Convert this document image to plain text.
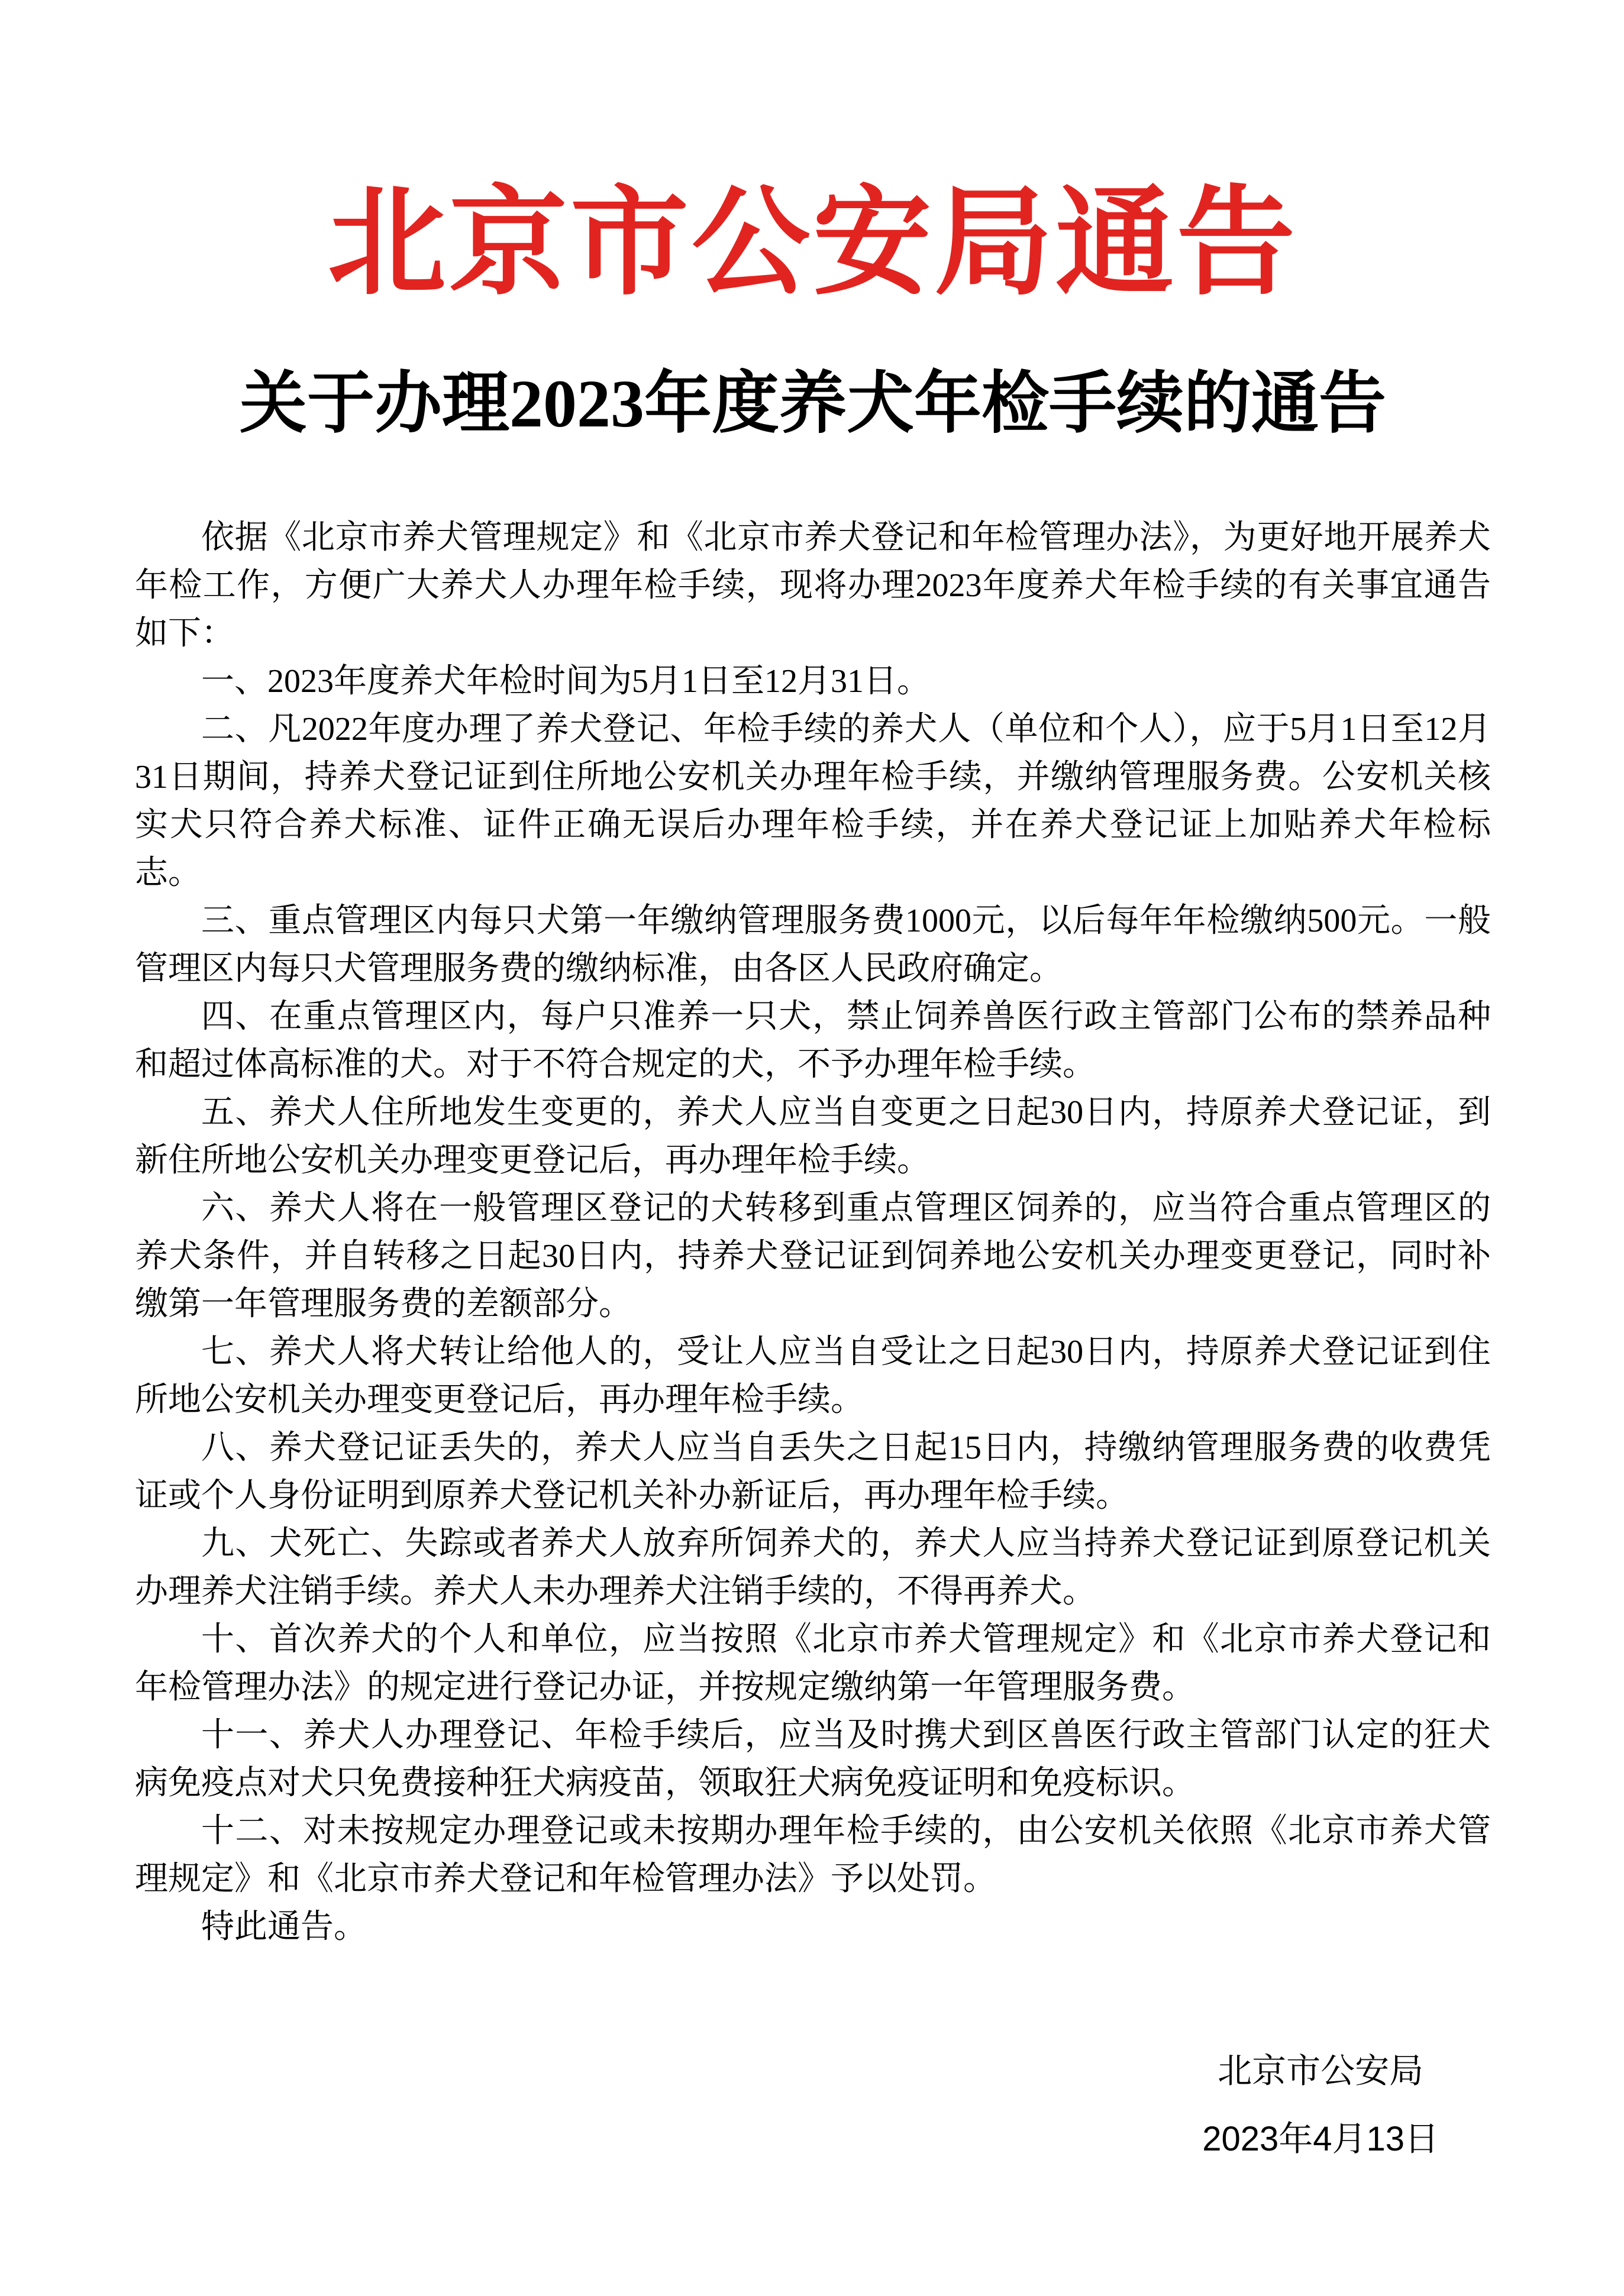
北京市公安局通告
关于办理2023年度养犬年检手续的通告

依据《北京市养犬管理规定》和《北京市养犬登记和年检管理办法》，为更好地开展养犬年检工作，方便广大养犬人办理年检手续，现将办理2023年度养犬年检手续的有关事宜通告如下：

一、2023年度养犬年检时间为5月1日至12月31日。

二、凡2022年度办理了养犬登记、年检手续的养犬人（单位和个人），应于5月1日至12月31日期间，持养犬登记证到住所地公安机关办理年检手续，并缴纳管理服务费。公安机关核实犬只符合养犬标准、证件正确无误后办理年检手续，并在养犬登记证上加贴养犬年检标志。

三、重点管理区内每只犬第一年缴纳管理服务费1000元，以后每年年检缴纳500元。一般管理区内每只犬管理服务费的缴纳标准，由各区人民政府确定。

四、在重点管理区内，每户只准养一只犬，禁止饲养兽医行政主管部门公布的禁养品种和超过体高标准的犬。对于不符合规定的犬，不予办理年检手续。

五、养犬人住所地发生变更的，养犬人应当自变更之日起30日内，持原养犬登记证，到新住所地公安机关办理变更登记后，再办理年检手续。

六、养犬人将在一般管理区登记的犬转移到重点管理区饲养的，应当符合重点管理区的养犬条件，并自转移之日起30日内，持养犬登记证到饲养地公安机关办理变更登记，同时补缴第一年管理服务费的差额部分。

七、养犬人将犬转让给他人的，受让人应当自受让之日起30日内，持原养犬登记证到住所地公安机关办理变更登记后，再办理年检手续。

八、养犬登记证丢失的，养犬人应当自丢失之日起15日内，持缴纳管理服务费的收费凭证或个人身份证明到原养犬登记机关补办新证后，再办理年检手续。

九、犬死亡、失踪或者养犬人放弃所饲养犬的，养犬人应当持养犬登记证到原登记机关办理养犬注销手续。养犬人未办理养犬注销手续的，不得再养犬。

十、首次养犬的个人和单位，应当按照《北京市养犬管理规定》和《北京市养犬登记和年检管理办法》的规定进行登记办证，并按规定缴纳第一年管理服务费。

十一、养犬人办理登记、年检手续后，应当及时携犬到区兽医行政主管部门认定的狂犬病免疫点对犬只免费接种狂犬病疫苗，领取狂犬病免疫证明和免疫标识。

十二、对未按规定办理登记或未按期办理年检手续的，由公安机关依照《北京市养犬管理规定》和《北京市养犬登记和年检管理办法》予以处罚。

特此通告。

北京市公安局
2023年4月13日
